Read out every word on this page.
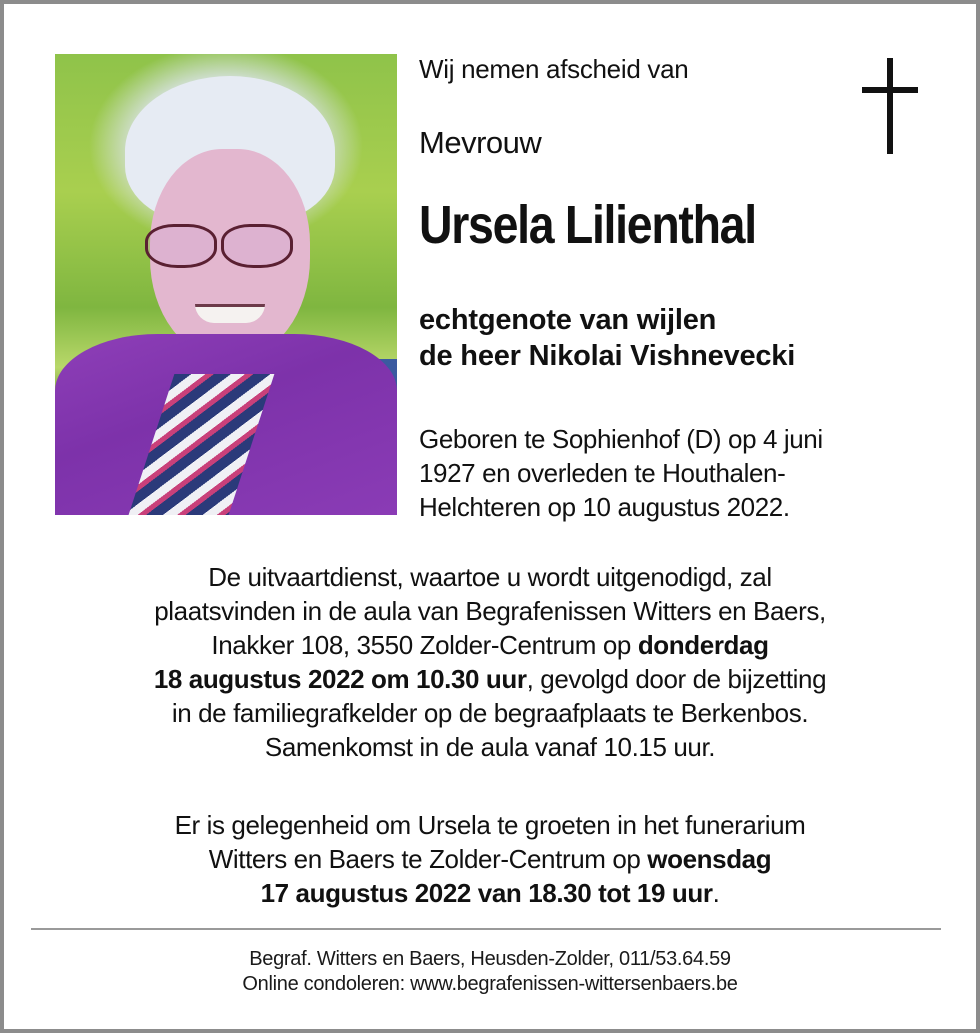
Wij nemen afscheid van
Mevrouw
Ursela Lilienthal
echtgenote van wijlen
de heer Nikolai Vishnevecki
Geboren te Sophienhof (D) op 4 juni
1927 en overleden te Houthalen-
Helchteren op 10 augustus 2022.
De uitvaartdienst, waartoe u wordt uitgenodigd, zal
plaatsvinden in de aula van Begrafenissen Witters en Baers,
Inakker 108, 3550 Zolder-Centrum op donderdag
18 augustus 2022 om 10.30 uur, gevolgd door de bijzetting
in de familiegrafkelder op de begraafplaats te Berkenbos.
Samenkomst in de aula vanaf 10.15 uur.
Er is gelegenheid om Ursela te groeten in het funerarium
Witters en Baers te Zolder-Centrum op woensdag
17 augustus 2022 van 18.30 tot 19 uur.
Begraf. Witters en Baers, Heusden-Zolder, 011/53.64.59
Online condoleren: www.begrafenissen-wittersenbaers.be
